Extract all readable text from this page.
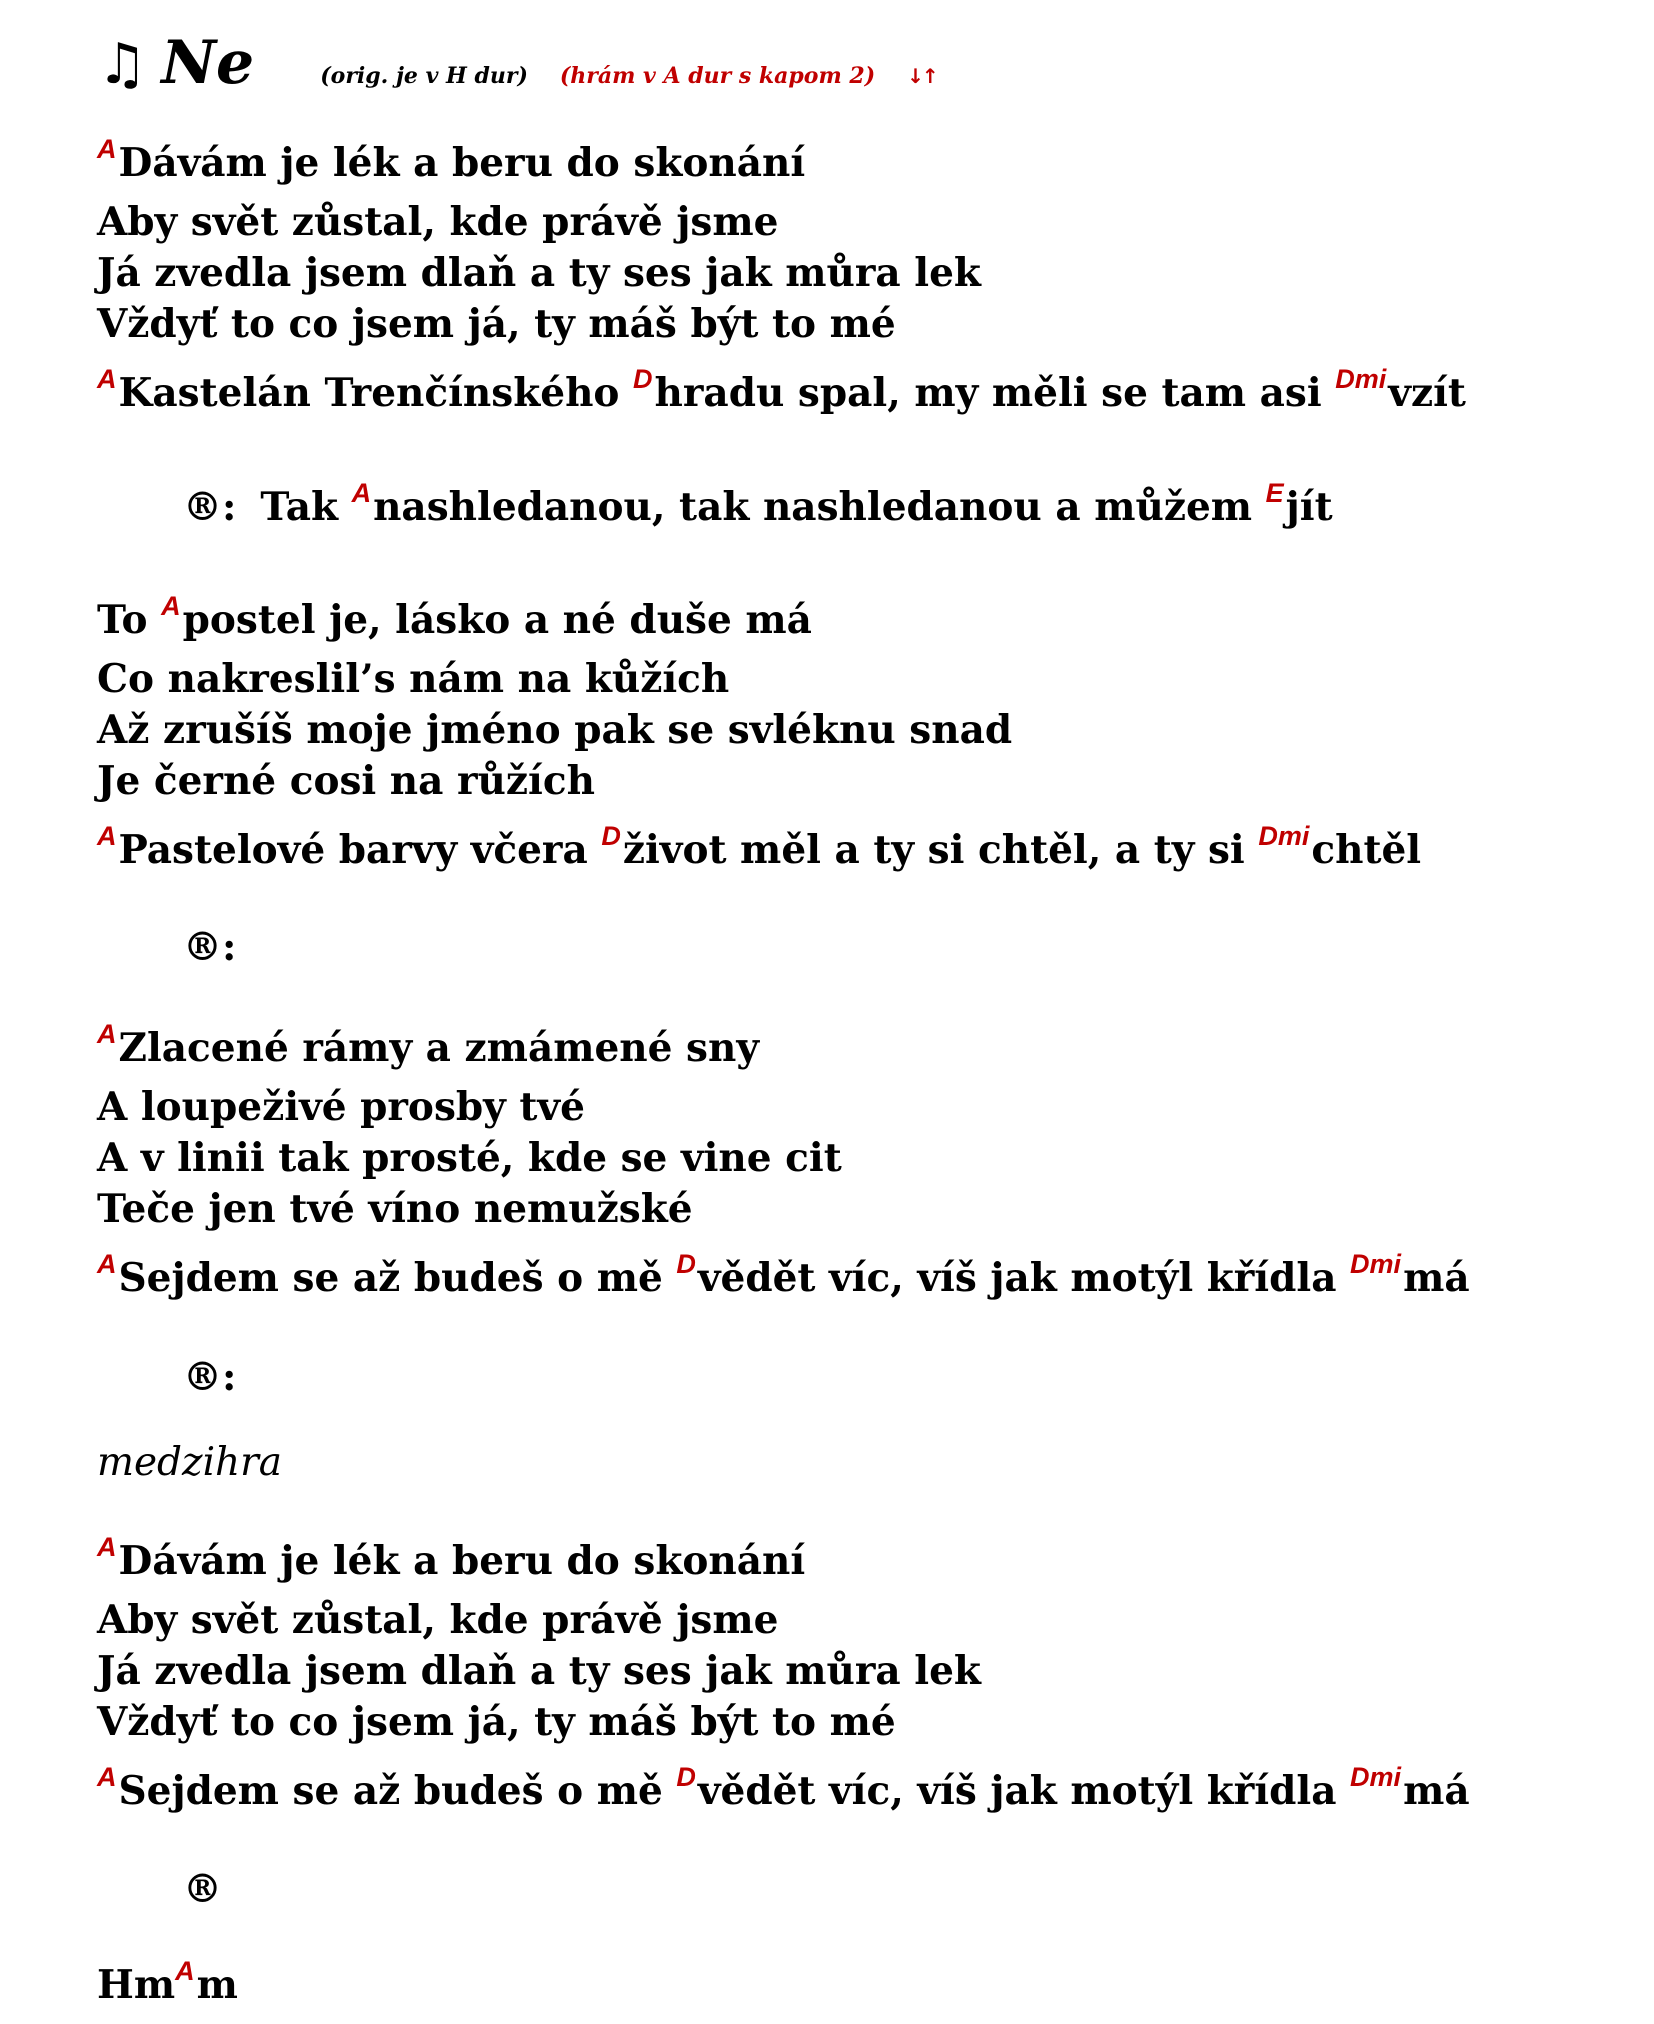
♫ Ne	(orig. je v H dur) (hrám v A dur s kapom 2) ↓↑

$^A$Dávám je lék a beru do skonání

Aby svět zůstal, kde právě jsme

Já zvedla jsem dlaň a ty ses jak můra lek

Vždyť to co jsem já, ty máš být to mé

$^A$Kastelán Trenčínského $^D$hradu spal, my měli se tam asi $^{Dmi}$vzít

®: Tak $^A$nashledanou, tak nashledanou a můžem $^E$jít

To $^A$postel je, lásko a né duše má

Co nakreslil’s nám na kůžích

Až zrušíš moje jméno pak se svléknu snad

Je černé cosi na růžích

$^A$Pastelové barvy včera $^D$život měl a ty si chtěl, a ty si $^{Dmi}$chtěl

®:

$^A$Zlacené rámy a zmámené sny

A loupeživé prosby tvé

A v linii tak prosté, kde se vine cit

Teče jen tvé víno nemužské

$^A$Sejdem se až budeš o mě $^D$vědět víc, víš jak motýl křídla $^{Dmi}$má

®:

medzihra

$^A$Dávám je lék a beru do skonání

Aby svět zůstal, kde právě jsme

Já zvedla jsem dlaň a ty ses jak můra lek

Vždyť to co jsem já, ty máš být to mé

$^A$Sejdem se až budeš o mě $^D$vědět víc, víš jak motýl křídla $^{Dmi}$má

®

$Hm^Am$
